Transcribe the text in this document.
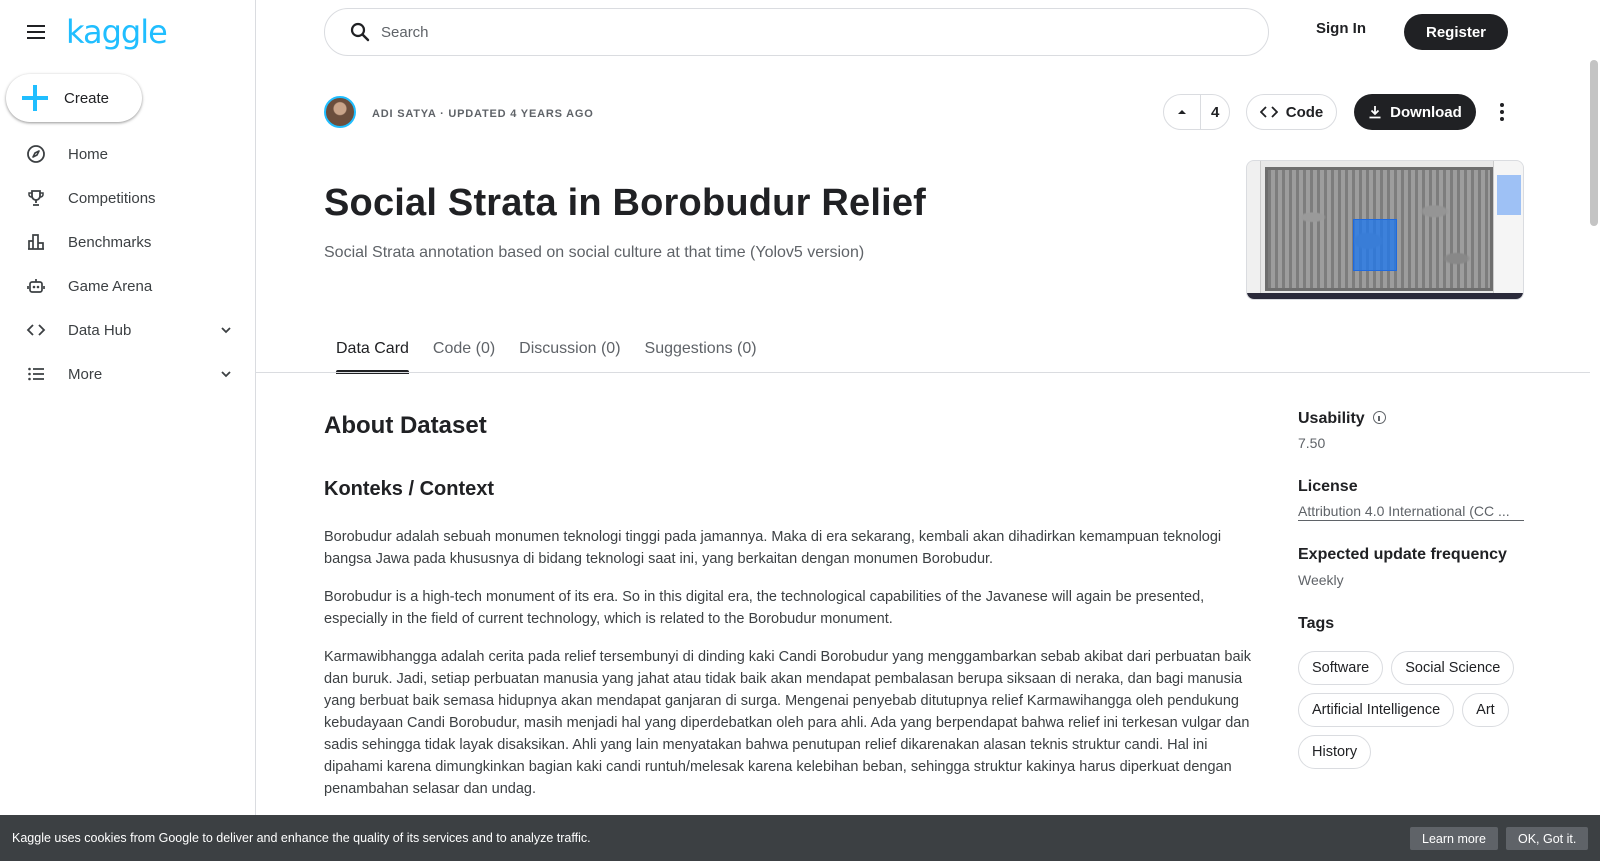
kaggle
Create
Home
Competitions
Benchmarks
Game Arena
Data Hub
More
Search
Sign In	Register
ADI SATYA · UPDATED 4 YEARS AGO	4	Code	Download
Social Strata in Borobudur Relief

Social Strata annotation based on social culture at that time (Yolov5 version)

Data Card	Code (0)	Discussion (0)	Suggestions (0)
About Dataset
Konteks / Context

Borobudur adalah sebuah monumen teknologi tinggi pada jamannya. Maka di era sekarang, kembali akan dihadirkan kemampuan teknologi bangsa Jawa pada khususnya di bidang teknologi saat ini, yang berkaitan dengan monumen Borobudur.

Borobudur is a high-tech monument of its era. So in this digital era, the technological capabilities of the Javanese will again be presented, especially in the field of current technology, which is related to the Borobudur monument.

Karmawibhangga adalah cerita pada relief tersembunyi di dinding kaki Candi Borobudur yang menggambarkan sebab akibat dari perbuatan baik dan buruk. Jadi, setiap perbuatan manusia yang jahat atau tidak baik akan mendapat pembalasan berupa siksaan di neraka, dan bagi manusia yang berbuat baik semasa hidupnya akan mendapat ganjaran di surga. Mengenai penyebab ditutupnya relief Karmawihangga oleh pendukung kebudayaan Candi Borobudur, masih menjadi hal yang diperdebatkan oleh para ahli. Ada yang berpendapat bahwa relief ini terkesan vulgar dan sadis sehingga tidak layak disaksikan. Ahli yang lain menyatakan bahwa penutupan relief dikarenakan alasan teknis struktur candi. Hal ini dipahami karena dimungkinkan bagian kaki candi runtuh/melesak karena kelebihan beban, sehingga struktur kakinya harus diperkuat dengan penambahan selasar dan undag.

Usability
7.50
License
Attribution 4.0 International (CC ...
Expected update frequency
Weekly
Tags
Software	Social Science
Artificial Intelligence	Art
History
Kaggle uses cookies from Google to deliver and enhance the quality of its services and to analyze traffic.	Learn more	OK, Got it.
